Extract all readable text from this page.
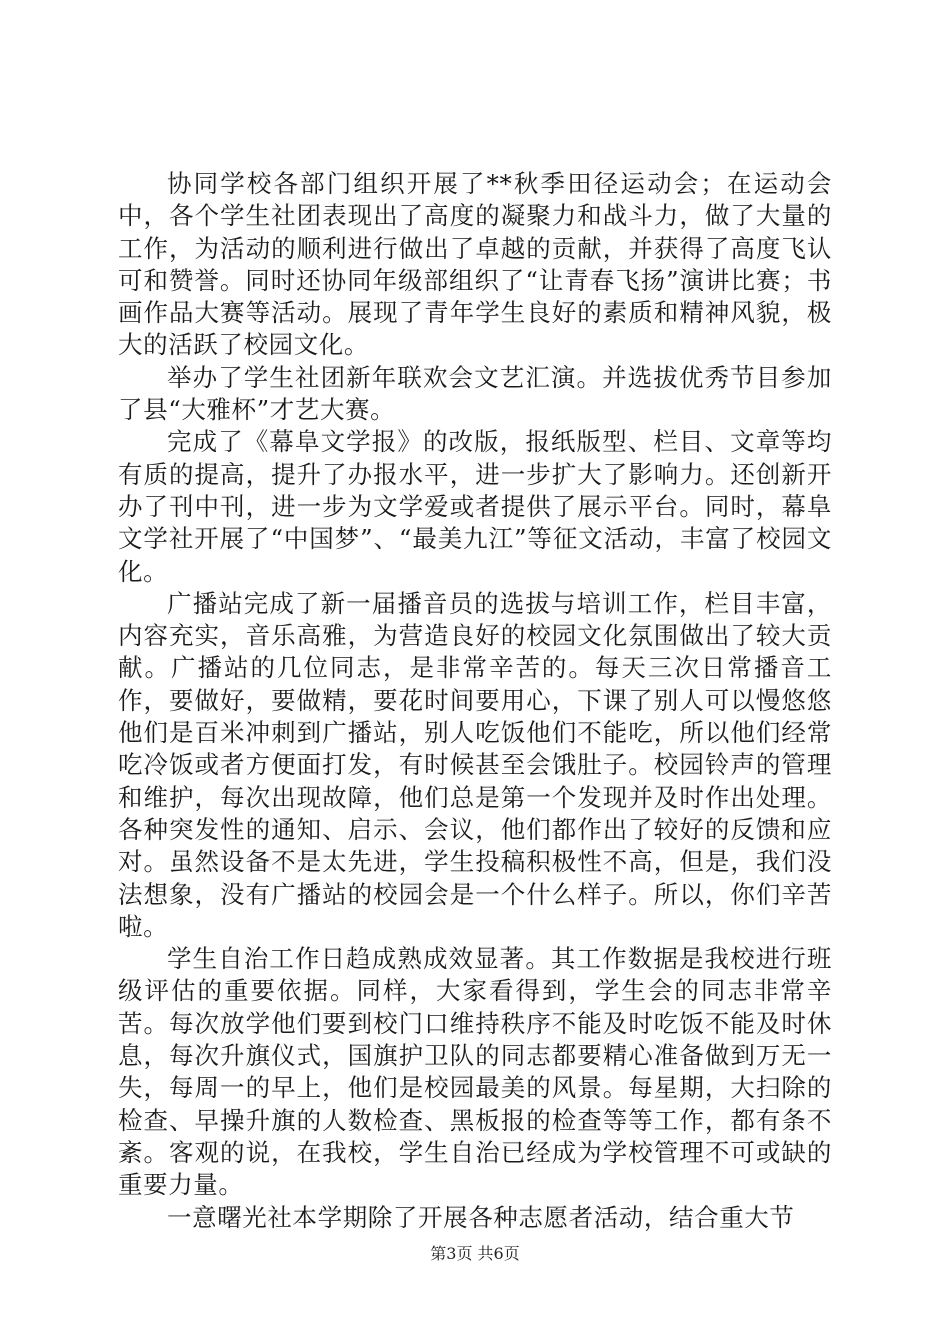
协同学校各部门组织开展了**秋季田径运动会；在运动会中，各个学生社团表现出了高度的凝聚力和战斗力，做了大量的工作，为活动的顺利进行做出了卓越的贡献，并获得了高度飞认可和赞誉。同时还协同年级部组织了“让青春飞扬”演讲比赛；书画作品大赛等活动。展现了青年学生良好的素质和精神风貌，极大的活跃了校园文化。

举办了学生社团新年联欢会文艺汇演。并选拔优秀节目参加了县“大雅杯”才艺大赛。

完成了《幕阜文学报》的改版，报纸版型、栏目、文章等均有质的提高，提升了办报水平，进一步扩大了影响力。还创新开办了刊中刊，进一步为文学爱或者提供了展示平台。同时，幕阜文学社开展了“中国梦”、“最美九江”等征文活动，丰富了校园文化。

广播站完成了新一届播音员的选拔与培训工作，栏目丰富，内容充实，音乐高雅，为营造良好的校园文化氛围做出了较大贡献。广播站的几位同志，是非常辛苦的。每天三次日常播音工作，要做好，要做精，要花时间要用心，下课了别人可以慢悠悠他们是百米冲刺到广播站，别人吃饭他们不能吃，所以他们经常吃冷饭或者方便面打发，有时候甚至会饿肚子。校园铃声的管理和维护，每次出现故障，他们总是第一个发现并及时作出处理。各种突发性的通知、启示、会议，他们都作出了较好的反馈和应对。虽然设备不是太先进，学生投稿积极性不高，但是，我们没法想象，没有广播站的校园会是一个什么样子。所以，你们辛苦啦。

学生自治工作日趋成熟成效显著。其工作数据是我校进行班级评估的重要依据。同样，大家看得到，学生会的同志非常辛苦。每次放学他们要到校门口维持秩序不能及时吃饭不能及时休息，每次升旗仪式，国旗护卫队的同志都要精心准备做到万无一失，每周一的早上，他们是校园最美的风景。每星期，大扫除的检查、早操升旗的人数检查、黑板报的检查等等工作，都有条不紊。客观的说，在我校，学生自治已经成为学校管理不可或缺的重要力量。

一意曙光社本学期除了开展各种志愿者活动，结合重大节

第3页 共6页
